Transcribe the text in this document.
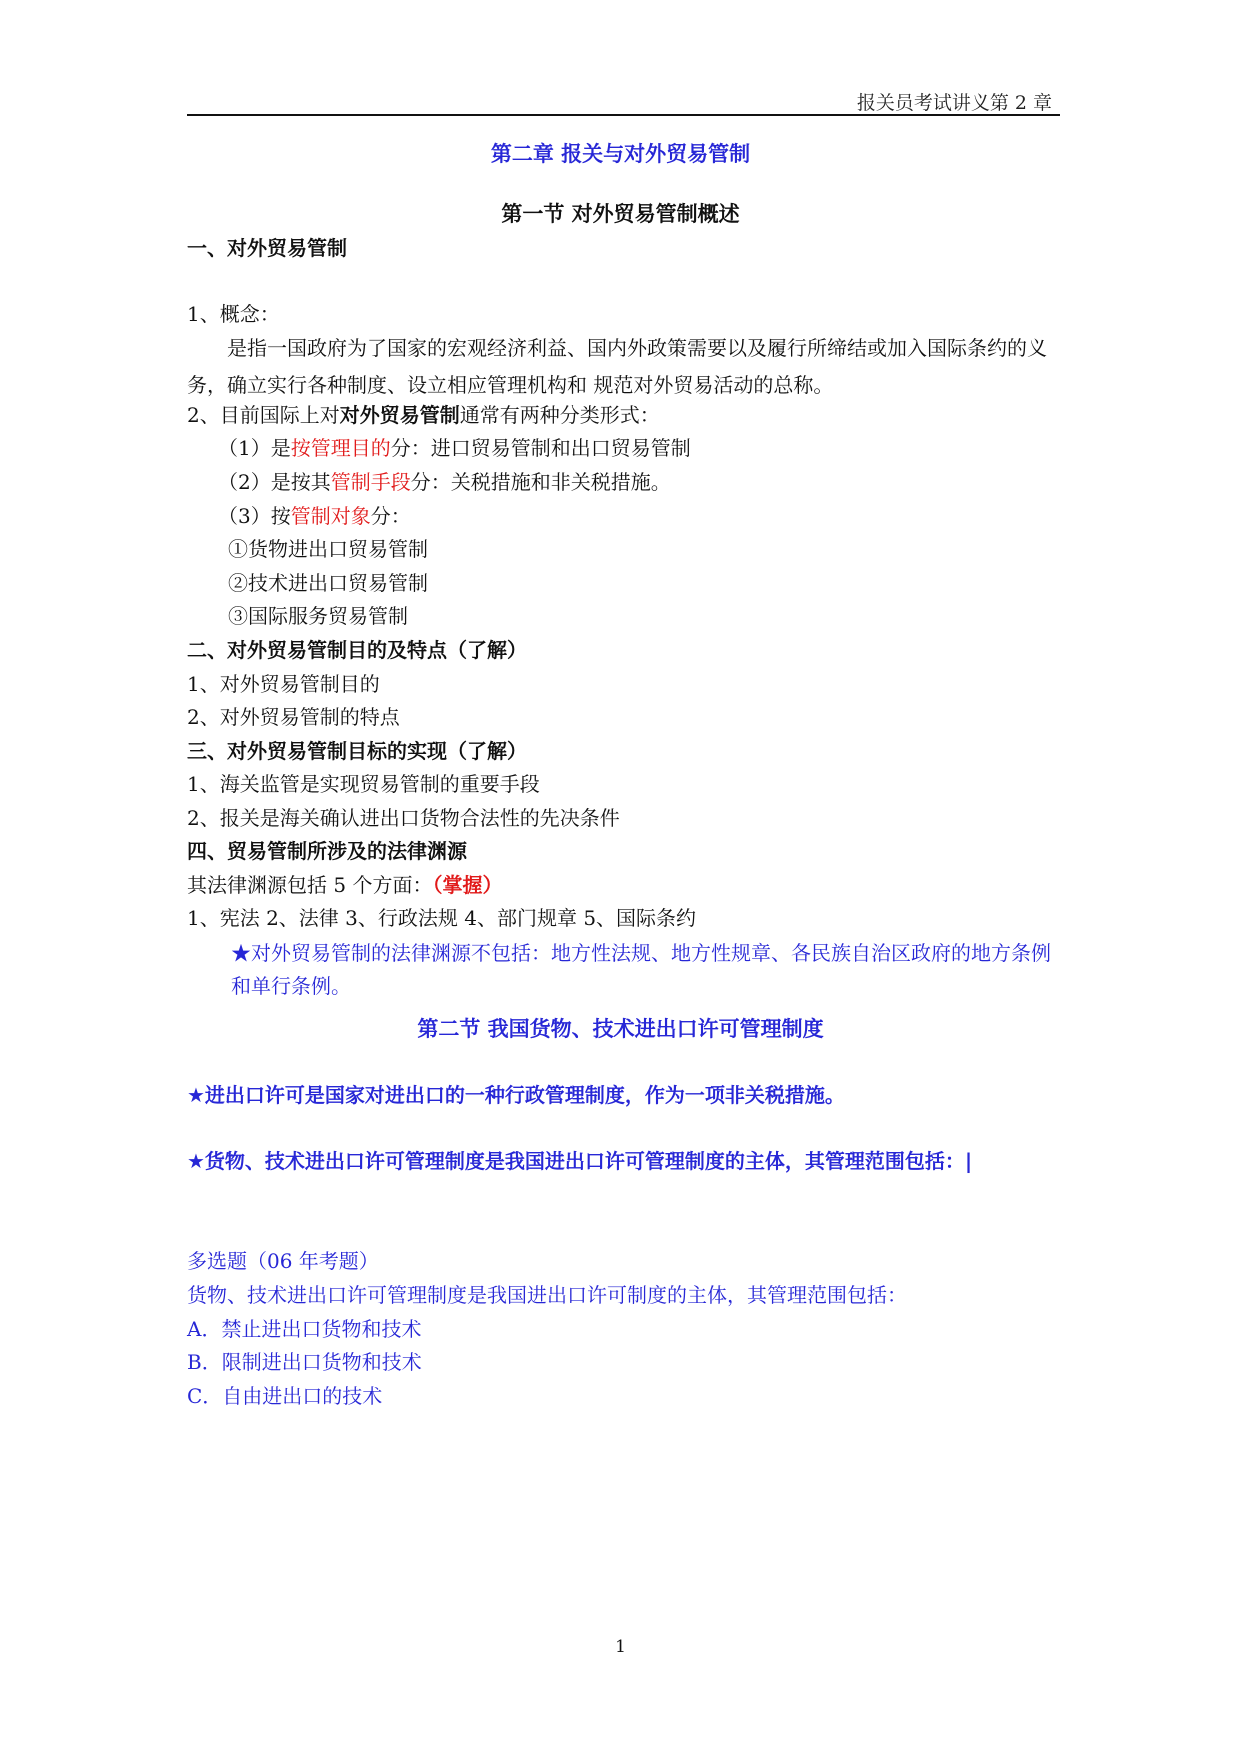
报关员考试讲义第 2 章
第二章 报关与对外贸易管制
第一节 对外贸易管制概述
一、对外贸易管制
1、概念：
是指一国政府为了国家的宏观经济利益、国内外政策需要以及履行所缔结或加入国际条约的义务，确立实行各种制度、设立相应管理机构和 规范对外贸易活动的总称。
2、目前国际上对对外贸易管制通常有两种分类形式：
（1）是按管理目的分：进口贸易管制和出口贸易管制
（2）是按其管制手段分：关税措施和非关税措施。
（3）按管制对象分：
①货物进出口贸易管制
②技术进出口贸易管制
③国际服务贸易管制
二、对外贸易管制目的及特点（了解）
1、对外贸易管制目的
2、对外贸易管制的特点
三、对外贸易管制目标的实现（了解）
1、海关监管是实现贸易管制的重要手段
2、报关是海关确认进出口货物合法性的先决条件
四、贸易管制所涉及的法律渊源
其法律渊源包括 5 个方面：（掌握）
1、宪法 2、法律 3、行政法规 4、部门规章 5、国际条约
★对外贸易管制的法律渊源不包括：地方性法规、地方性规章、各民族自治区政府的地方条例和单行条例。
第二节 我国货物、技术进出口许可管理制度
★进出口许可是国家对进出口的一种行政管理制度，作为一项非关税措施。
★货物、技术进出口许可管理制度是我国进出口许可管理制度的主体，其管理范围包括：|
多选题（06 年考题）
货物、技术进出口许可管理制度是我国进出口许可制度的主体，其管理范围包括：
A．禁止进出口货物和技术
B．限制进出口货物和技术
C．自由进出口的技术
1
